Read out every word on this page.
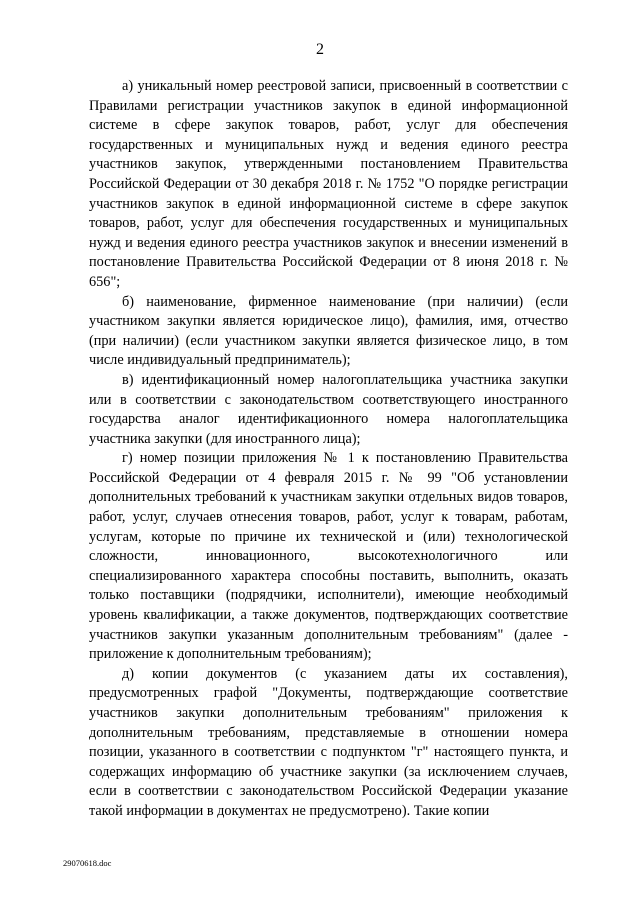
2

а) уникальный номер реестровой записи, присвоенный в соответствии с Правилами регистрации участников закупок в единой информационной системе в сфере закупок товаров, работ, услуг для обеспечения государственных и муниципальных нужд и ведения единого реестра участников закупок, утвержденными постановлением Правительства Российской Федерации от 30 декабря 2018 г. № 1752 "О порядке регистрации участников закупок в единой информационной системе в сфере закупок товаров, работ, услуг для обеспечения государственных и муниципальных нужд и ведения единого реестра участников закупок и внесении изменений в постановление Правительства Российской Федерации от 8 июня 2018 г. № 656";

б) наименование, фирменное наименование (при наличии) (если участником закупки является юридическое лицо), фамилия, имя, отчество (при наличии) (если участником закупки является физическое лицо, в том числе индивидуальный предприниматель);

в) идентификационный номер налогоплательщика участника закупки или в соответствии с законодательством соответствующего иностранного государства аналог идентификационного номера налогоплательщика участника закупки (для иностранного лица);

г) номер позиции приложения № 1 к постановлению Правительства Российской Федерации от 4 февраля 2015 г. № 99 "Об установлении дополнительных требований к участникам закупки отдельных видов товаров, работ, услуг, случаев отнесения товаров, работ, услуг к товарам, работам, услугам, которые по причине их технической и (или) технологической сложности, инновационного, высокотехнологичного или специализированного характера способны поставить, выполнить, оказать только поставщики (подрядчики, исполнители), имеющие необходимый уровень квалификации, а также документов, подтверждающих соответствие участников закупки указанным дополнительным требованиям" (далее - приложение к дополнительным требованиям);

д) копии документов (с указанием даты их составления), предусмотренных графой "Документы, подтверждающие соответствие участников закупки дополнительным требованиям" приложения к дополнительным требованиям, представляемые в отношении номера позиции, указанного в соответствии с подпунктом "г" настоящего пункта, и содержащих информацию об участнике закупки (за исключением случаев, если в соответствии с законодательством Российской Федерации указание такой информации в документах не предусмотрено). Такие копии

29070618.doc
